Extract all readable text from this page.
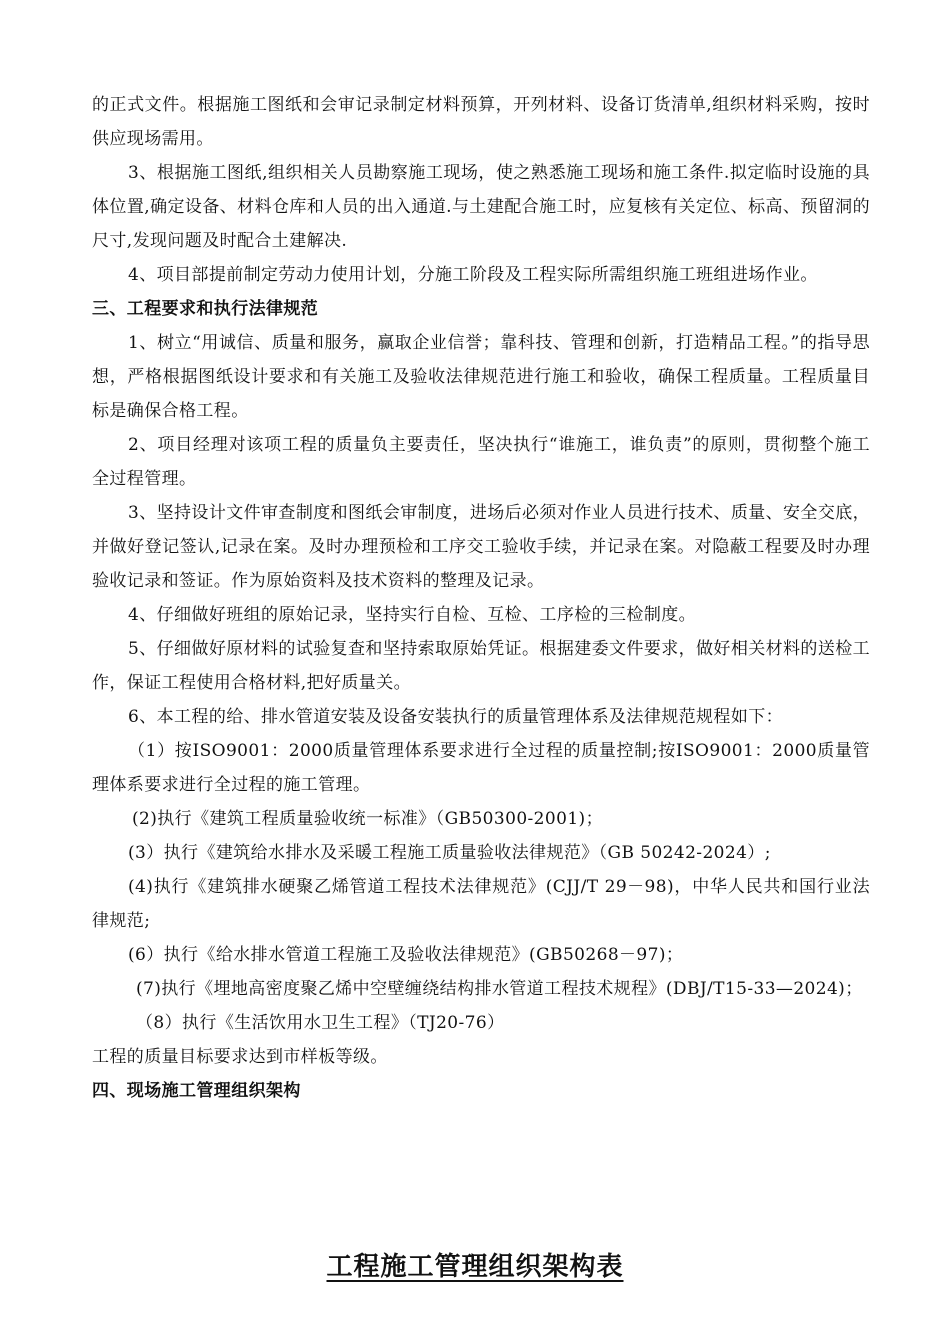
的正式文件。根据施工图纸和会审记录制定材料预算，开列材料、设备订货清单,组织材料采购，按时供应现场需用。

3、根据施工图纸,组织相关人员勘察施工现场，使之熟悉施工现场和施工条件.拟定临时设施的具体位置,确定设备、材料仓库和人员的出入通道.与土建配合施工时，应复核有关定位、标高、预留洞的尺寸,发现问题及时配合土建解决.

4、项目部提前制定劳动力使用计划，分施工阶段及工程实际所需组织施工班组进场作业。

三、工程要求和执行法律规范

1、树立“用诚信、质量和服务，赢取企业信誉；靠科技、管理和创新，打造精品工程。”的指导思想，严格根据图纸设计要求和有关施工及验收法律规范进行施工和验收，确保工程质量。工程质量目标是确保合格工程。

2、项目经理对该项工程的质量负主要责任，坚决执行“谁施工，谁负责”的原则，贯彻整个施工全过程管理。

3、坚持设计文件审查制度和图纸会审制度，进场后必须对作业人员进行技术、质量、安全交底，并做好登记签认,记录在案。及时办理预检和工序交工验收手续，并记录在案。对隐蔽工程要及时办理验收记录和签证。作为原始资料及技术资料的整理及记录。

4、仔细做好班组的原始记录，坚持实行自检、互检、工序检的三检制度。

5、仔细做好原材料的试验复查和坚持索取原始凭证。根据建委文件要求，做好相关材料的送检工作，保证工程使用合格材料,把好质量关。

6、本工程的给、排水管道安装及设备安装执行的质量管理体系及法律规范规程如下：

（1）按ISO9001：2000质量管理体系要求进行全过程的质量控制;按ISO9001：2000质量管理体系要求进行全过程的施工管理。

(2)执行《建筑工程质量验收统一标准》（GB50300-2001)；

(3）执行《建筑给水排水及采暖工程施工质量验收法律规范》（GB 50242-2024）;

(4)执行《建筑排水硬聚乙烯管道工程技术法律规范》(CJJ/T 29－98)，中华人民共和国行业法律规范;

(6）执行《给水排水管道工程施工及验收法律规范》(GB50268－97)；

(7)执行《埋地高密度聚乙烯中空壁缠绕结构排水管道工程技术规程》(DBJ/T15-33—2024)；

（8）执行《生活饮用水卫生工程》（TJ20-76）

工程的质量目标要求达到市样板等级。

四、现场施工管理组织架构

工程施工管理组织架构表
